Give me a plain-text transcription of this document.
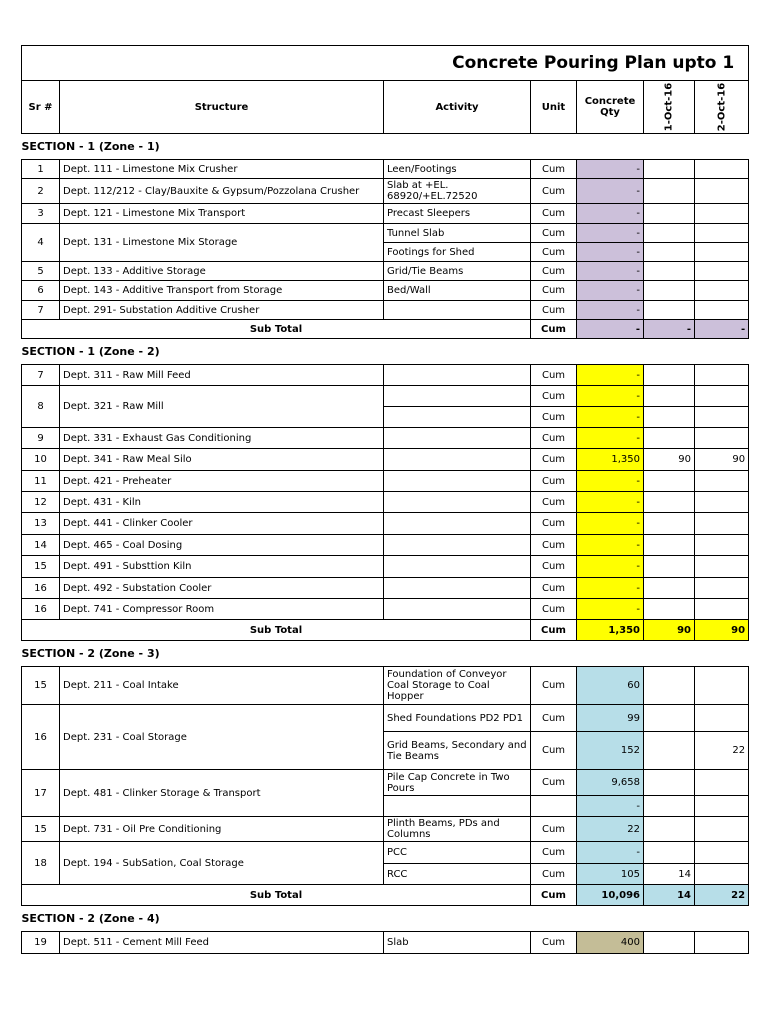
Concrete Pouring Plan upto 1						
Sr #	Structure	Activity	Unit	Concrete Qty	1-Oct-16	2-Oct-16

SECTION - 1 (Zone - 1)						
1	Dept. 111 - Limestone Mix Crusher	Leen/Footings	Cum	-		
2	Dept. 112/212 - Clay/Bauxite & Gypsum/Pozzolana Crusher	Slab at +EL. 68920/+EL.72520	Cum	-		
3	Dept. 121 - Limestone Mix Transport	Precast Sleepers	Cum	-		
4	Dept. 131 - Limestone Mix Storage	Tunnel Slab	Cum	-		
		Footings for Shed	Cum	-		
5	Dept. 133 - Additive Storage	Grid/Tie Beams	Cum	-		
6	Dept. 143 - Additive Transport from Storage	Bed/Wall	Cum	-		
7	Dept. 291- Substation Additive Crusher		Cum	-		
Sub Total			Cum	-	-	-
SECTION - 1 (Zone - 2)						
7	Dept. 311 - Raw Mill Feed		Cum	-		
8	Dept. 321 - Raw Mill		Cum	-		
			Cum	-		
9	Dept. 331 - Exhaust Gas Conditioning		Cum	-		
10	Dept. 341 - Raw Meal Silo		Cum	1,350	90	90
11	Dept. 421 - Preheater		Cum	-		
12	Dept. 431 - Kiln		Cum	-		
13	Dept. 441 - Clinker Cooler		Cum	-		
14	Dept. 465 - Coal Dosing		Cum	-		
15	Dept. 491 - Substtion Kiln		Cum	-		
16	Dept. 492 - Substation Cooler		Cum	-		
16	Dept. 741 - Compressor Room		Cum	-		
Sub Total			Cum	1,350	90	90
SECTION - 2 (Zone - 3)						
15	Dept. 211 - Coal Intake	Foundation of Conveyor Coal Storage to Coal Hopper	Cum	60		
16	Dept. 231 - Coal Storage	Shed Foundations PD2 PD1	Cum	99		
		Grid Beams, Secondary and Tie Beams	Cum	152		22
17	Dept. 481 - Clinker Storage & Transport	Pile Cap Concrete in Two Pours	Cum	9,658		
				-		
15	Dept. 731 - Oil Pre Conditioning	Plinth Beams, PDs and Columns	Cum	22		
18	Dept. 194 - SubSation, Coal Storage	PCC	Cum	-		
		RCC	Cum	105	14	
Sub Total			Cum	10,096	14	22
SECTION - 2 (Zone - 4)						
19	Dept. 511 - Cement Mill Feed	Slab	Cum	400		
